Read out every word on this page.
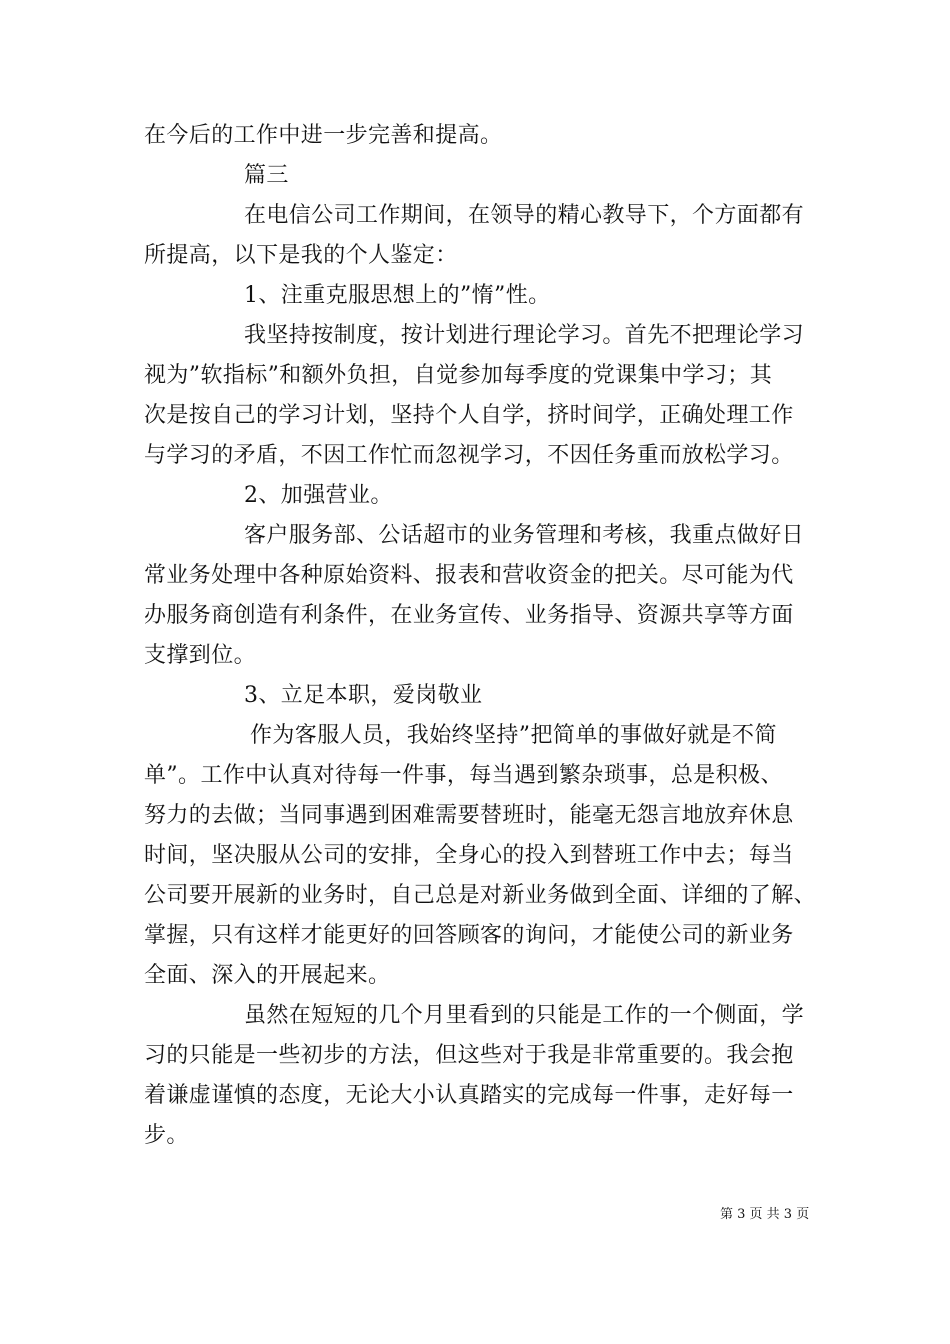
在今后的工作中进一步完善和提高。

篇三

在电信公司工作期间，在领导的精心教导下，个方面都有

所提高，以下是我的个人鉴定：

1、注重克服思想上的”惰”性。

我坚持按制度，按计划进行理论学习。首先不把理论学习

视为”软指标”和额外负担，自觉参加每季度的党课集中学习；其

次是按自己的学习计划，坚持个人自学，挤时间学，正确处理工作

与学习的矛盾，不因工作忙而忽视学习，不因任务重而放松学习。

2、加强营业。

客户服务部、公话超市的业务管理和考核，我重点做好日

常业务处理中各种原始资料、报表和营收资金的把关。尽可能为代

办服务商创造有利条件，在业务宣传、业务指导、资源共享等方面

支撑到位。

3、立足本职，爱岗敬业

作为客服人员，我始终坚持”把简单的事做好就是不简

单”。工作中认真对待每一件事，每当遇到繁杂琐事，总是积极、

努力的去做；当同事遇到困难需要替班时，能毫无怨言地放弃休息

时间，坚决服从公司的安排，全身心的投入到替班工作中去；每当

公司要开展新的业务时，自己总是对新业务做到全面、详细的了解、

掌握，只有这样才能更好的回答顾客的询问，才能使公司的新业务

全面、深入的开展起来。

虽然在短短的几个月里看到的只能是工作的一个侧面，学

习的只能是一些初步的方法，但这些对于我是非常重要的。我会抱

着谦虚谨慎的态度，无论大小认真踏实的完成每一件事，走好每一

步。

第 3 页 共 3 页
